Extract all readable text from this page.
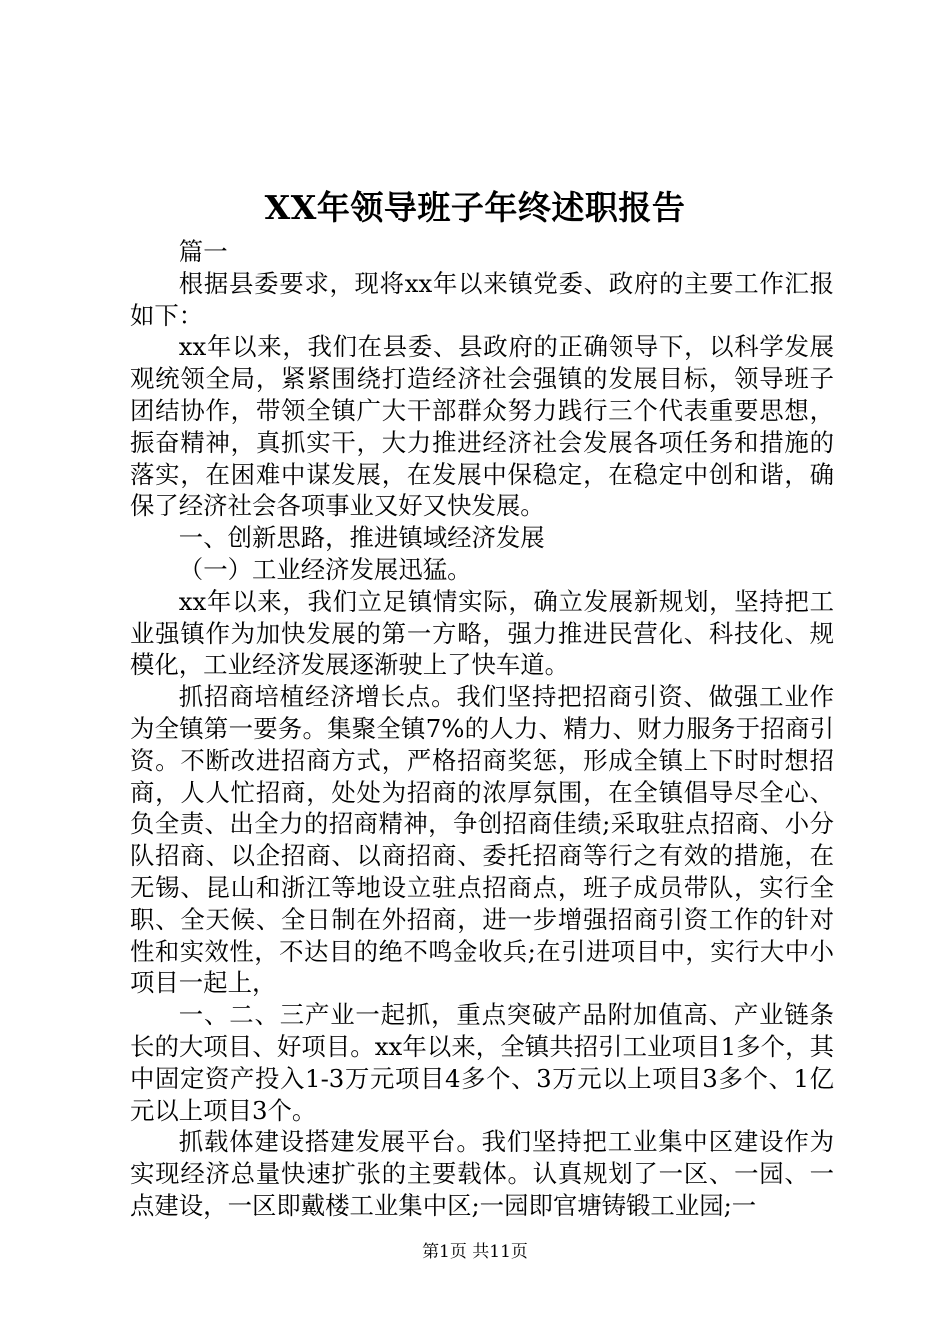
XX年领导班子年终述职报告

篇一

根据县委要求，现将xx年以来镇党委、政府的主要工作汇报如下：

xx年以来，我们在县委、县政府的正确领导下，以科学发展观统领全局，紧紧围绕打造经济社会强镇的发展目标，领导班子团结协作，带领全镇广大干部群众努力践行三个代表重要思想，振奋精神，真抓实干，大力推进经济社会发展各项任务和措施的落实，在困难中谋发展，在发展中保稳定，在稳定中创和谐，确保了经济社会各项事业又好又快发展。

一、创新思路，推进镇域经济发展

（一）工业经济发展迅猛。

xx年以来，我们立足镇情实际，确立发展新规划，坚持把工业强镇作为加快发展的第一方略，强力推进民营化、科技化、规模化，工业经济发展逐渐驶上了快车道。

抓招商培植经济增长点。我们坚持把招商引资、做强工业作为全镇第一要务。集聚全镇7%的人力、精力、财力服务于招商引资。不断改进招商方式，严格招商奖惩，形成全镇上下时时想招商，人人忙招商，处处为招商的浓厚氛围，在全镇倡导尽全心、负全责、出全力的招商精神，争创招商佳绩;采取驻点招商、小分队招商、以企招商、以商招商、委托招商等行之有效的措施，在无锡、昆山和浙江等地设立驻点招商点，班子成员带队，实行全职、全天候、全日制在外招商，进一步增强招商引资工作的针对性和实效性，不达目的绝不鸣金收兵;在引进项目中，实行大中小项目一起上，

一、二、三产业一起抓，重点突破产品附加值高、产业链条长的大项目、好项目。xx年以来，全镇共招引工业项目1多个，其中固定资产投入1-3万元项目4多个、3万元以上项目3多个、1亿元以上项目3个。

抓载体建设搭建发展平台。我们坚持把工业集中区建设作为实现经济总量快速扩张的主要载体。认真规划了一区、一园、一点建设，一区即戴楼工业集中区;一园即官塘铸锻工业园;一

第1页 共11页
